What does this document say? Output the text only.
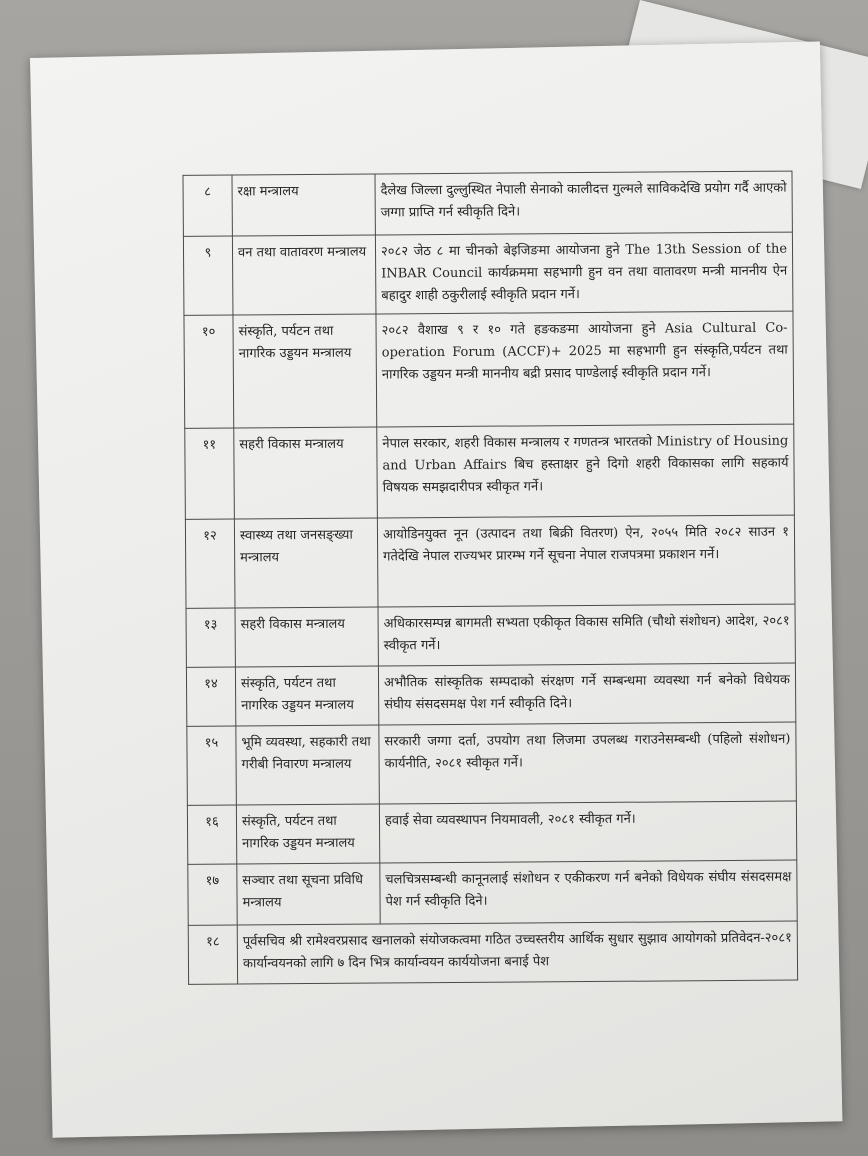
८	रक्षा मन्त्रालय	दैलेख जिल्ला दुल्लुस्थित नेपाली सेनाको कालीदत्त गुल्मले साविकदेखि प्रयोग गर्दै आएको जग्गा प्राप्ति गर्न स्वीकृति दिने।
९	वन तथा वातावरण मन्त्रालय	२०८२ जेठ ८ मा चीनको बेइजिङमा आयोजना हुने The 13th Session of the INBAR Council कार्यक्रममा सहभागी हुन वन तथा वातावरण मन्त्री माननीय ऐन बहादुर शाही ठकुरीलाई स्वीकृति प्रदान गर्ने।
१०	संस्कृति, पर्यटन तथा नागरिक उड्डयन मन्त्रालय	२०८२ वैशाख ९ र १० गते हङकङमा आयोजना हुने Asia Cultural Co-operation Forum (ACCF)+ 2025 मा सहभागी हुन संस्कृति,पर्यटन तथा नागरिक उड्डयन मन्त्री माननीय बद्री प्रसाद पाण्डेलाई स्वीकृति प्रदान गर्ने।
११	सहरी विकास मन्त्रालय	नेपाल सरकार, शहरी विकास मन्त्रालय र गणतन्त्र भारतको Ministry of Housing and Urban Affairs बिच हस्ताक्षर हुने दिगो शहरी विकासका लागि सहकार्य विषयक समझदारीपत्र स्वीकृत गर्ने।
१२	स्वास्थ्य तथा जनसङ्ख्या मन्त्रालय	आयोडिनयुक्त नून (उत्पादन तथा बिक्री वितरण) ऐन, २०५५ मिति २०८२ साउन १ गतेदेखि नेपाल राज्यभर प्रारम्भ गर्ने सूचना नेपाल राजपत्रमा प्रकाशन गर्ने।
१३	सहरी विकास मन्त्रालय	अधिकारसम्पन्न बागमती सभ्यता एकीकृत विकास समिति (चौथो संशोधन) आदेश, २०८१ स्वीकृत गर्ने।
१४	संस्कृति, पर्यटन तथा नागरिक उड्डयन मन्त्रालय	अभौतिक सांस्कृतिक सम्पदाको संरक्षण गर्ने सम्बन्धमा व्यवस्था गर्न बनेको विधेयक संघीय संसदसमक्ष पेश गर्न स्वीकृति दिने।
१५	भूमि व्यवस्था, सहकारी तथा गरीबी निवारण मन्त्रालय	सरकारी जग्गा दर्ता, उपयोग तथा लिजमा उपलब्ध गराउनेसम्बन्धी (पहिलो संशोधन) कार्यनीति, २०८१ स्वीकृत गर्ने।
१६	संस्कृति, पर्यटन तथा नागरिक उड्डयन मन्त्रालय	हवाई सेवा व्यवस्थापन नियमावली, २०८१ स्वीकृत गर्ने।
१७	सञ्चार तथा सूचना प्रविधि मन्त्रालय	चलचित्रसम्बन्धी कानूनलाई संशोधन र एकीकरण गर्न बनेको विधेयक संघीय संसदसमक्ष पेश गर्न स्वीकृति दिने।
१८	पूर्वसचिव श्री रामेश्वरप्रसाद खनालको संयोजकत्वमा गठित उच्चस्तरीय आर्थिक सुधार सुझाव आयोगको प्रतिवेदन-२०८१ कार्यान्वयनको लागि ७ दिन भित्र कार्यान्वयन कार्ययोजना बनाई पेश	
